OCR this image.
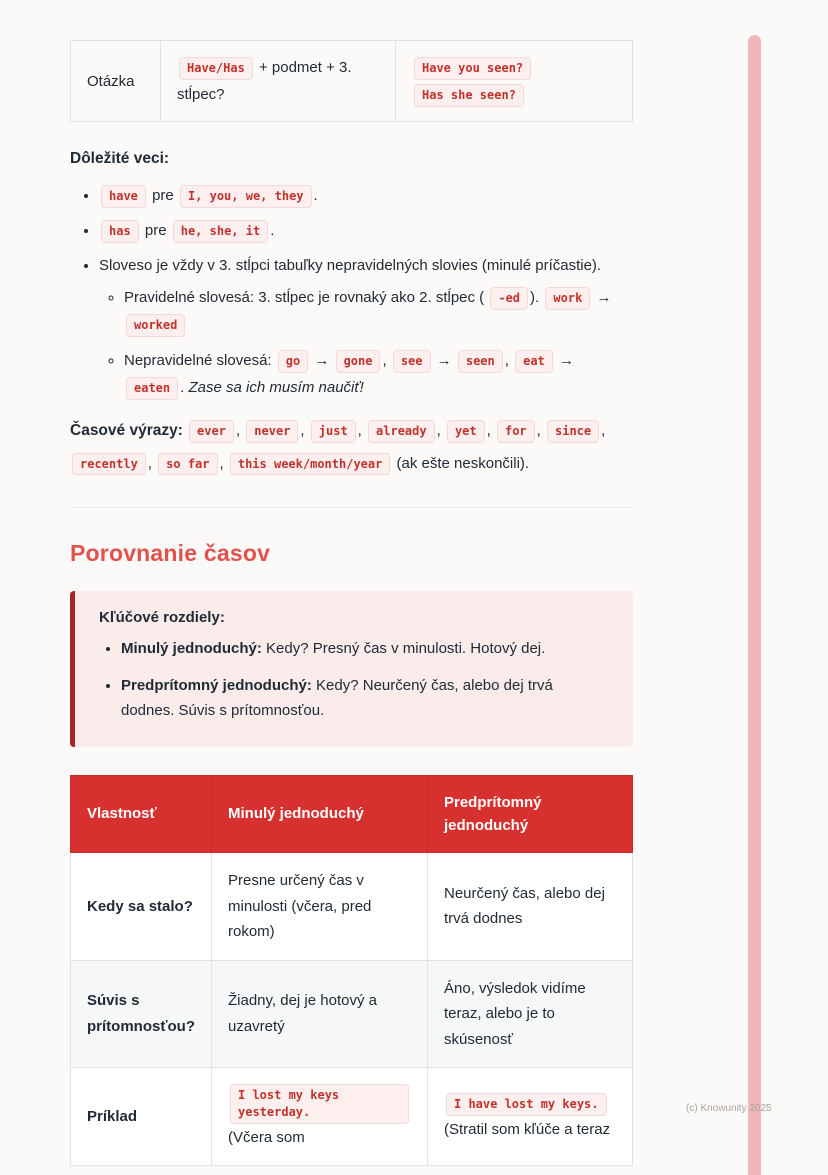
(c) Knowunity 2025
Otázka	Have/Has + podmet + 3. stĺpec?	Have you seen? Has she seen?

Dôležité veci:

• have pre I, you, we, they .
• has pre he, she, it .
• Sloveso je vždy v 3. stĺpci tabuľky nepravidelných slovies (minulé príčastie).
◦ Pravidelné slovesá: 3. stĺpec je rovnaký ako 2. stĺpec ( -ed ). work → worked
◦ Nepravidelné slovesá: go → gone , see → seen , eat → eaten . Zase sa ich musím naučiť!

Časové výrazy: ever , never , just , already , yet , for , since , recently , so far , this week/month/year (ak ešte neskončili).

Porovnanie časov

Kľúčové rozdiely:

• Minulý jednoduchý: Kedy? Presný čas v minulosti. Hotový dej.
• Predprítomný jednoduchý: Kedy? Neurčený čas, alebo dej trvá dodnes. Súvis s prítomnosťou.
Vlastnosť	Minulý jednoduchý	Predprítomný jednoduchý
Kedy sa stalo?	Presne určený čas v minulosti (včera, pred rokom)	Neurčený čas, alebo dej trvá dodnes
Súvis s prítomnosťou?	Žiadny, dej je hotový a uzavretý	Áno, výsledok vidíme teraz, alebo je to skúsenosť
Príklad	I lost my keys yesterday. (Včera som	I have lost my keys. (Stratil som kľúče a teraz
